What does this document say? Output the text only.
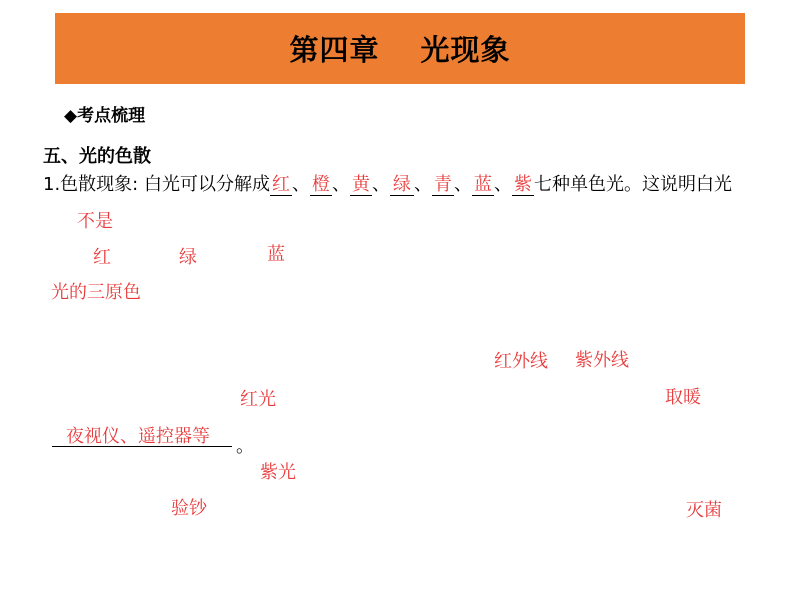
第四章　 光现象
◆考点梳理
五、光的色散
1.色散现象: 白光可以分解成 红 、 橙 、 黄 、 绿 、 青 、 蓝 、 紫 七种单色光。这说明白光
不是
红	绿	蓝
光的三原色
红外线 紫外线
红光	取暖
夜视仪、遥控器等 。
紫光
验钞	灭菌
